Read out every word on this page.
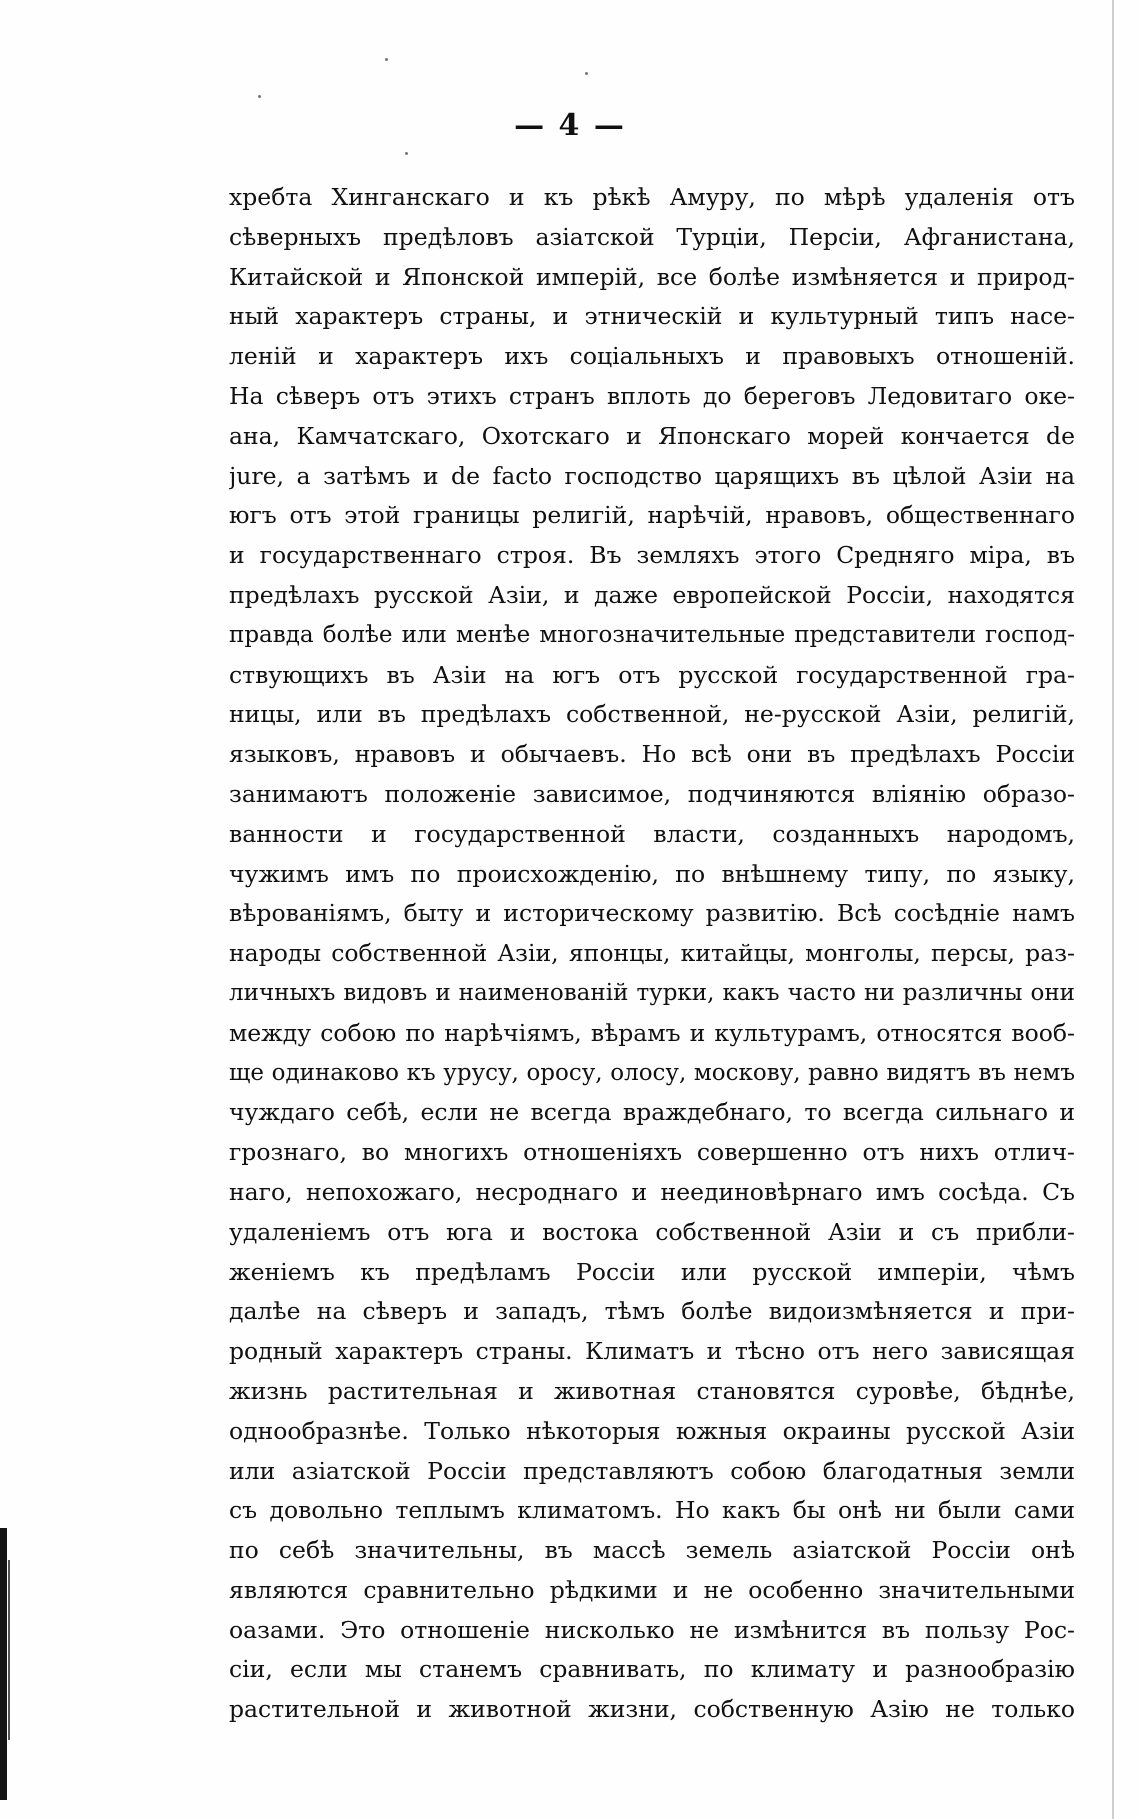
— 4 —
хребта Хинганскаго и къ рѣкѣ Амуру, по мѣрѣ удаленія отъ
сѣверныхъ предѣловъ азіатской Турціи, Персіи, Афганистана,
Китайской и Японской имперій, все болѣе измѣняется и природ-
ный характеръ страны, и этническій и культурный типъ насе-
леній и характеръ ихъ соціальныхъ и правовыхъ отношеній.
На сѣверъ отъ этихъ странъ вплоть до береговъ Ледовитаго оке-
ана, Камчатскаго, Охотскаго и Японскаго морей кончается de
jure, а затѣмъ и de facto господство царящихъ въ цѣлой Азіи на
югъ отъ этой границы религій, нарѣчій, нравовъ, общественнаго
и государственнаго строя. Въ земляхъ этого Средняго міра, въ
предѣлахъ русской Азіи, и даже европейской Россіи, находятся
правда болѣе или менѣе многозначительные представители господ-
ствующихъ въ Азіи на югъ отъ русской государственной гра-
ницы, или въ предѣлахъ собственной, не-русской Азіи, религій,
языковъ, нравовъ и обычаевъ. Но всѣ они въ предѣлахъ Россіи
занимаютъ положеніе зависимое, подчиняются вліянію образо-
ванности и государственной власти, созданныхъ народомъ,
чужимъ имъ по происхожденію, по внѣшнему типу, по языку,
вѣрованіямъ, быту и историческому развитію. Всѣ сосѣдніе намъ
народы собственной Азіи, японцы, китайцы, монголы, персы, раз-
личныхъ видовъ и наименованій турки, какъ часто ни различны они
между собою по нарѣчіямъ, вѣрамъ и культурамъ, относятся вооб-
ще одинаково къ урусу, оросу, олосу, москову, равно видятъ въ немъ
чуждаго себѣ, если не всегда враждебнаго, то всегда сильнаго и
грознаго, во многихъ отношеніяхъ совершенно отъ нихъ отлич-
наго, непохожаго, несроднаго и неединовѣрнаго имъ сосѣда. Съ
удаленіемъ отъ юга и востока собственной Азіи и съ прибли-
женіемъ къ предѣламъ Россіи или русской имперіи, чѣмъ
далѣе на сѣверъ и западъ, тѣмъ болѣе видоизмѣняется и при-
родный характеръ страны. Климатъ и тѣсно отъ него зависящая
жизнь растительная и животная становятся суровѣе, бѣднѣе,
однообразнѣе. Только нѣкоторыя южныя окраины русской Азіи
или азіатской Россіи представляютъ собою благодатныя земли
съ довольно теплымъ климатомъ. Но какъ бы онѣ ни были сами
по себѣ значительны, въ массѣ земель азіатской Россіи онѣ
являются сравнительно рѣдкими и не особенно значительными
оазами. Это отношеніе нисколько не измѣнится въ пользу Рос-
сіи, если мы станемъ сравнивать, по климату и разнообразію
растительной и животной жизни, собственную Азію не только
